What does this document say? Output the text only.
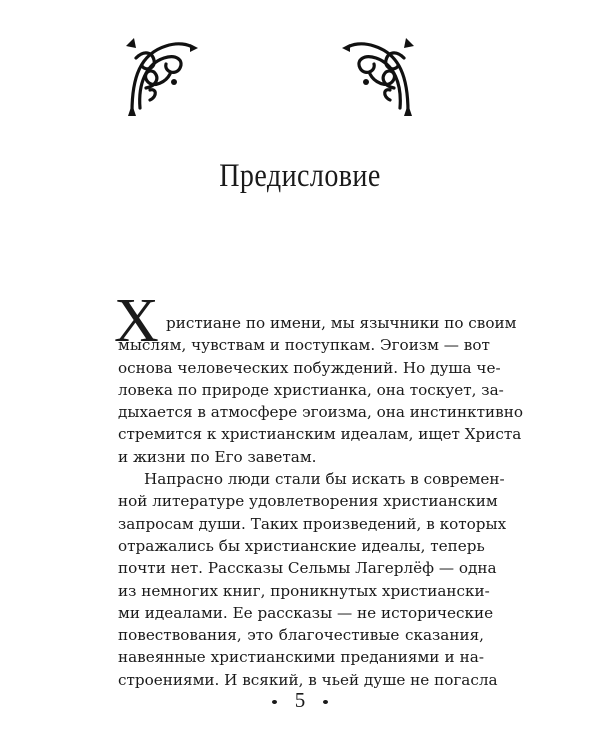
Предисловие
Х ристиане по имени, мы язычники по своим
мыслям, чувствам и поступкам. Эгоизм — вот
основа человеческих побуждений. Но душа че-
ловека по природе христианка, она тоскует, за-
дыхается в атмосфере эгоизма, она инстинктивно
стремится к христианским идеалам, ищет Христа
и жизни по Его заветам.
Напрасно люди стали бы искать в современ-
ной литературе удовлетворения христианским
запросам души. Таких произведений, в которых
отражались бы христианские идеалы, теперь
почти нет. Рассказы Сельмы Лагерлёф — одна
из немногих книг, проникнутых христиански-
ми идеалами. Ее рассказы — не исторические
повествования, это благочестивые сказания,
навеянные христианскими преданиями и на-
строениями. И всякий, в чьей душе не погасла
5
